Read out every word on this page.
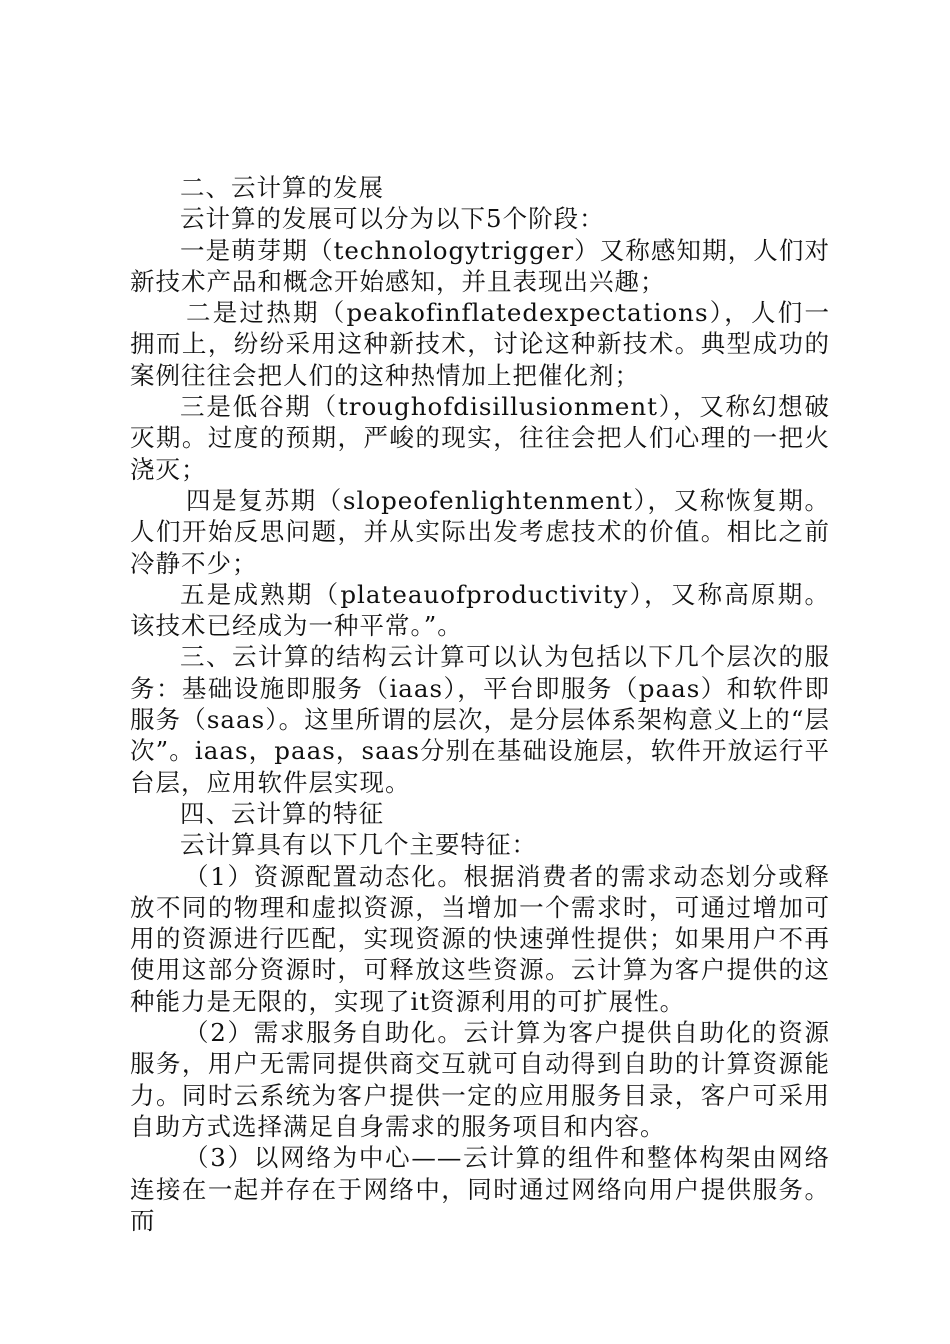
二、云计算的发展

云计算的发展可以分为以下5个阶段：

一是萌芽期（technologytrigger）又称感知期，人们对新技术产品和概念开始感知，并且表现出兴趣；

二是过热期（peakofinflatedexpectations），人们一拥而上，纷纷采用这种新技术，讨论这种新技术。典型成功的案例往往会把人们的这种热情加上把催化剂；

三是低谷期（troughofdisillusionment），又称幻想破灭期。过度的预期，严峻的现实，往往会把人们心理的一把火浇灭；

四是复苏期（slopeofenlightenment），又称恢复期。人们开始反思问题，并从实际出发考虑技术的价值。相比之前冷静不少；

五是成熟期（plateauofproductivity），又称高原期。该技术已经成为一种平常。”。

三、云计算的结构云计算可以认为包括以下几个层次的服务：基础设施即服务（iaas），平台即服务（paas）和软件即服务（saas）。这里所谓的层次，是分层体系架构意义上的“层次”。iaas，paas，saas分别在基础设施层，软件开放运行平台层，应用软件层实现。

四、云计算的特征

云计算具有以下几个主要特征：

（1）资源配置动态化。根据消费者的需求动态划分或释放不同的物理和虚拟资源，当增加一个需求时，可通过增加可用的资源进行匹配，实现资源的快速弹性提供；如果用户不再使用这部分资源时，可释放这些资源。云计算为客户提供的这种能力是无限的，实现了it资源利用的可扩展性。

（2）需求服务自助化。云计算为客户提供自助化的资源服务，用户无需同提供商交互就可自动得到自助的计算资源能力。同时云系统为客户提供一定的应用服务目录，客户可采用自助方式选择满足自身需求的服务项目和内容。

（3）以网络为中心——云计算的组件和整体构架由网络连接在一起并存在于网络中，同时通过网络向用户提供服务。而
